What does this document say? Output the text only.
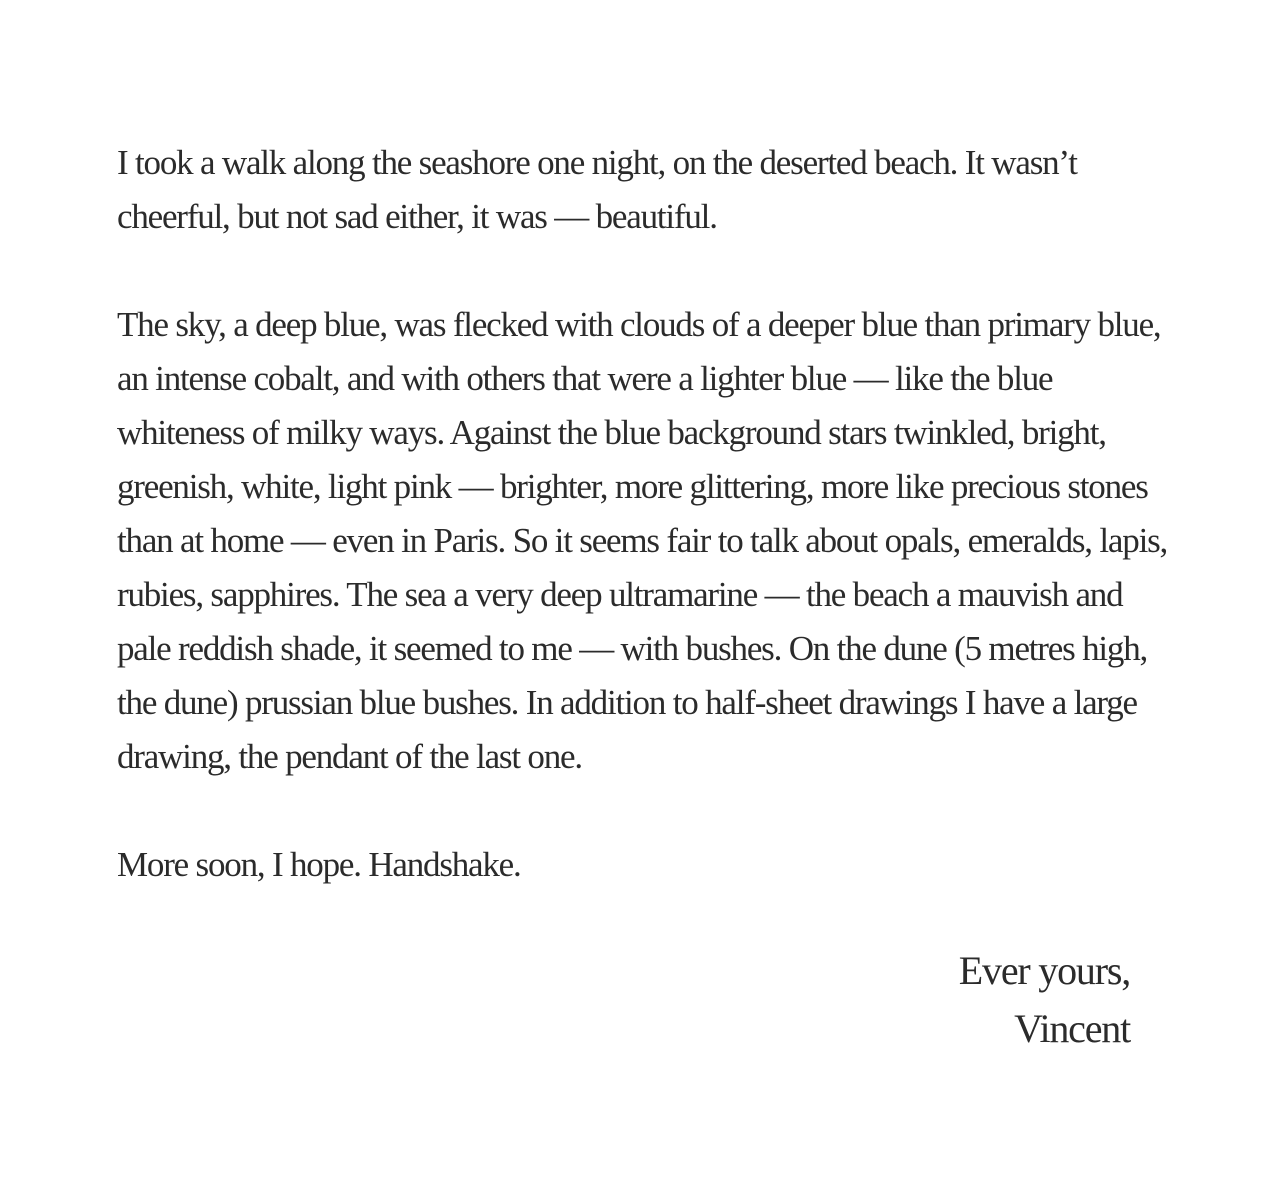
I took a walk along the seashore one night, on the deserted beach. It wasn’t cheerful, but not sad either, it was — beautiful.

The sky, a deep blue, was flecked with clouds of a deeper blue than primary blue, an intense cobalt, and with others that were a lighter blue — like the blue whiteness of milky ways. Against the blue background stars twinkled, bright, greenish, white, light pink — brighter, more glittering, more like precious stones than at home — even in Paris. So it seems fair to talk about opals, emeralds, lapis, rubies, sapphires. The sea a very deep ultramarine — the beach a mauvish and pale reddish shade, it seemed to me — with bushes. On the dune (5 metres high, the dune) prussian blue bushes. In addition to half-sheet drawings I have a large drawing, the pendant of the last one.

More soon, I hope. Handshake.

Ever yours,
Vincent
